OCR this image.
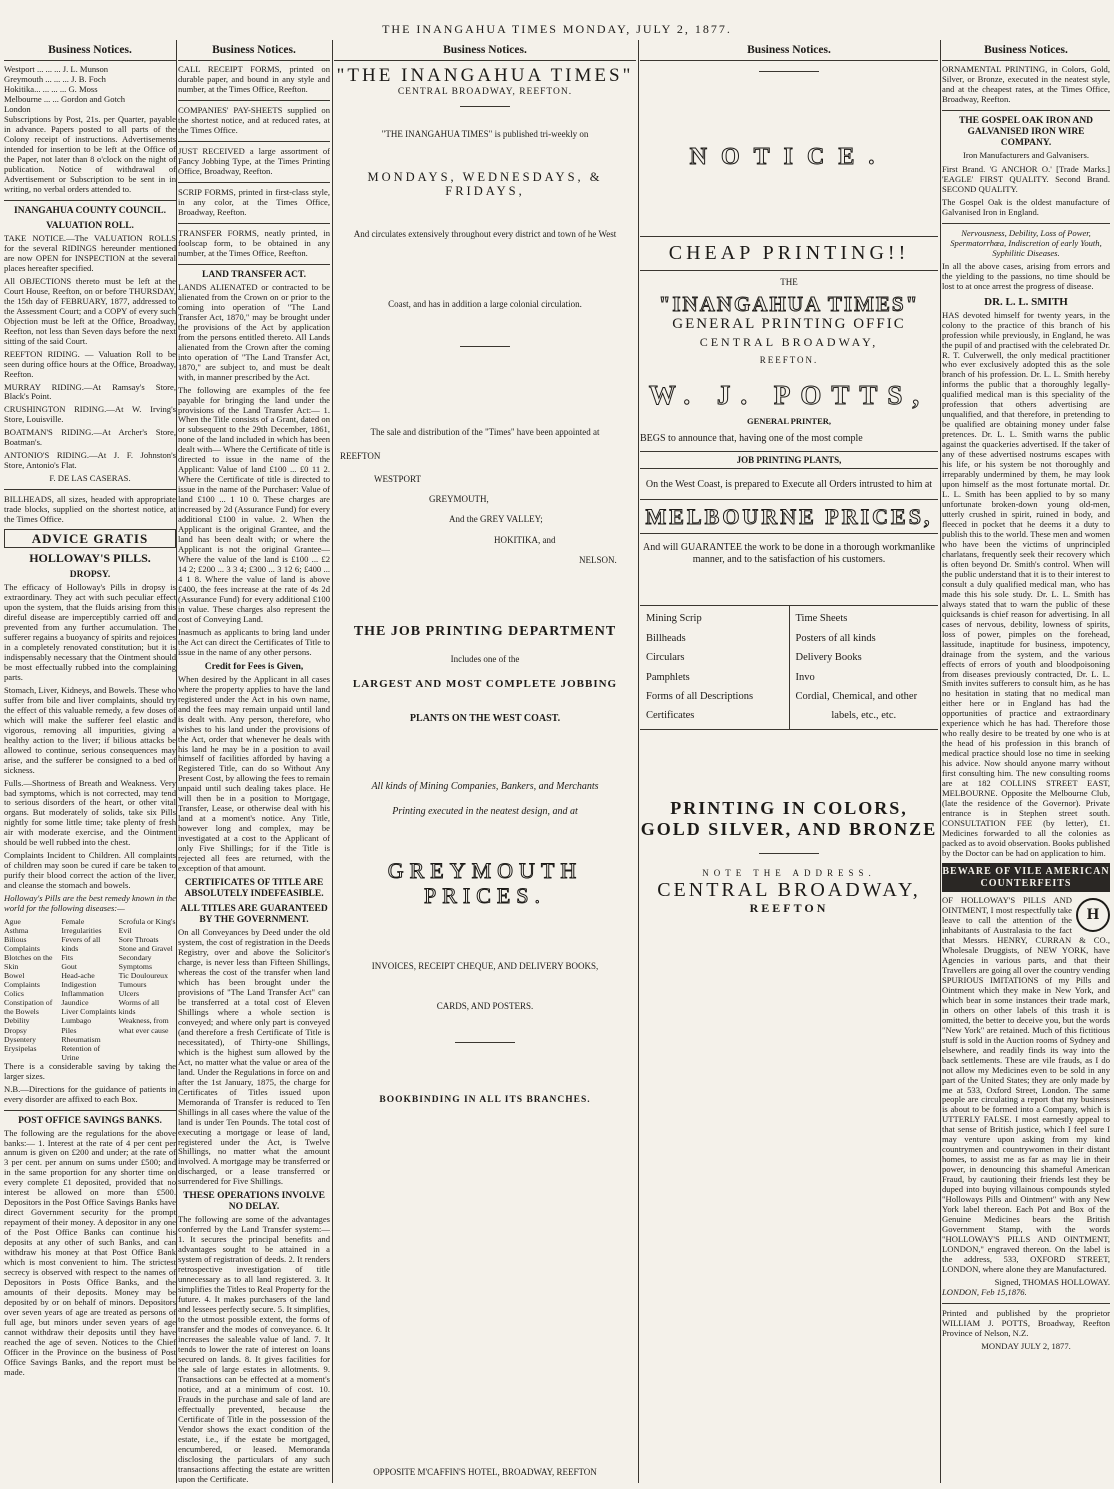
THE INANGAHUA TIMES MONDAY, JULY 2, 1877.
Business Notices.
Westport ... ... ... J. L. Munson
Greymouth ... ... ... J. B. Foch
Hokitika... ... ... ... G. Moss
Melbourne ... ... Gordon and Gotch
London

Subscriptions by Post, 21s. per Quarter, payable in advance. Papers posted to all parts of the Colony receipt of instructions. Advertisements intended for insertion to be left at the Office of the Paper, not later than 8 o'clock on the night of publication. Notice of withdrawal of Advertisement or Subscription to be sent in in writing, no verbal orders attended to.

INANGAHUA COUNTY COUNCIL.
VALUATION ROLL.

TAKE NOTICE.—The VALUATION ROLLS for the several RIDINGS hereunder mentioned are now OPEN for INSPECTION at the several places hereafter specified.

All OBJECTIONS thereto must be left at the Court House, Reefton, on or before THURSDAY, the 15th day of FEBRUARY, 1877, addressed to the Assessment Court; and a COPY of every such Objection must be left at the Office, Broadway, Reefton, not less than Seven days before the next sitting of the said Court.

REEFTON RIDING. — Valuation Roll to be seen during office hours at the Office, Broadway, Reefton.

MURRAY RIDING.—At Ramsay's Store, Black's Point.

CRUSHINGTON RIDING.—At W. Irving's Store, Louisville.

BOATMAN'S RIDING.—At Archer's Store, Boatman's.

ANTONIO'S RIDING.—At J. F. Johnston's Store, Antonio's Flat.

F. DE LAS CASERAS.

BILLHEADS, all sizes, headed with appropriate trade blocks, supplied on the shortest notice, at the Times Office.

ADVICE GRATIS
HOLLOWAY'S PILLS.
DROPSY.

The efficacy of Holloway's Pills in dropsy is extraordinary. They act with such peculiar effect upon the system, that the fluids arising from this direful disease are imperceptibly carried off and prevented from any further accumulation. The sufferer regains a buoyancy of spirits and rejoices in a completely renovated constitution; but it is indispensably necessary that the Ointment should be most effectually rubbed into the complaining parts.

Stomach, Liver, Kidneys, and Bowels. These who suffer from bile and liver complaints, should try the effect of this valuable remedy, a few doses of which will make the sufferer feel elastic and vigorous, removing all impurities, giving a healthy action to the liver; if bilious attacks be allowed to continue, serious consequences may arise, and the sufferer be consigned to a bed of sickness.

Fulls.—Shortness of Breath and Weakness. Very bad symptoms, which is not corrected, may tend to serious disorders of the heart, or other vital organs. But moderately of solids, take six Pills nightly for some little time; take plenty of fresh air with moderate exercise, and the Ointment should be well rubbed into the chest.

Complaints Incident to Children. All complaints of children may soon be cured if care be taken to purify their blood correct the action of the liver, and cleanse the stomach and bowels.

Holloway's Pills are the best remedy known in the world for the following diseases:—

Ague
Asthma
Bilious Complaints
Blotches on the Skin
Bowel Complaints
Colics
Constipation of the Bowels
Debility
Dropsy
Dysentery
Erysipelas
Female Irregularities
Fevers of all kinds
Fits
Gout
Head-ache
Indigestion
Inflammation
Jaundice
Liver Complaints
Lumbago
Piles
Rheumatism
Retention of Urine
Scrofula or King's Evil
Sore Throats
Stone and Gravel
Secondary Symptoms
Tic Douloureux
Tumours
Ulcers
Worms of all kinds
Weakness, from what ever cause

There is a considerable saving by taking the larger sizes.

N.B.—Directions for the guidance of patients in every disorder are affixed to each Box.

POST OFFICE SAVINGS BANKS.

The following are the regulations for the above banks:— 1. Interest at the rate of 4 per cent per annum is given on £200 and under; at the rate of 3 per cent. per annum on sums under £500; and in the same proportion for any shorter time on every complete £1 deposited, provided that no interest be allowed on more than £500. Depositors in the Post Office Savings Banks have direct Government security for the prompt repayment of their money. A depositor in any one of the Post Office Banks can continue his deposits at any other of such Banks, and can withdraw his money at that Post Office Bank which is most convenient to him. The strictest secrecy is observed with respect to the names of Depositors in Posts Office Banks, and the amounts of their deposits. Money may be deposited by or on behalf of minors. Depositors over seven years of age are treated as persons of full age, but minors under seven years of age cannot withdraw their deposits until they have reached the age of seven. Notices to the Chief Officer in the Province on the business of Post Office Savings Banks, and the report must be made.

Business Notices.

CALL RECEIPT FORMS, printed on durable paper, and bound in any style and number, at the Times Office, Reefton.

COMPANIES' PAY-SHEETS supplied on the shortest notice, and at reduced rates, at the Times Office.

JUST RECEIVED a large assortment of Fancy Jobbing Type, at the Times Printing Office, Broadway, Reefton.

SCRIP FORMS, printed in first-class style, in any color, at the Times Office, Broadway, Reefton.

TRANSFER FORMS, neatly printed, in foolscap form, to be obtained in any number, at the Times Office, Reefton.

LAND TRANSFER ACT.

LANDS ALIENATED or contracted to be alienated from the Crown on or prior to the coming into operation of "The Land Transfer Act, 1870," may be brought under the provisions of the Act by application from the persons entitled thereto. All Lands alienated from the Crown after the coming into operation of "The Land Transfer Act, 1870," are subject to, and must be dealt with, in manner prescribed by the Act.

The following are examples of the fee payable for bringing the land under the provisions of the Land Transfer Act:— 1. When the Title consists of a Grant, dated on or subsequent to the 29th December, 1861, none of the land included in which has been dealt with— Where the Certificate of title is directed to issue in the name of the Applicant: Value of land £100 ... £0 11 2. Where the Certificate of title is directed to issue in the name of the Purchaser: Value of land £100 ... 1 10 0. These charges are increased by 2d (Assurance Fund) for every additional £100 in value. 2. When the Applicant is the original Grantee, and the land has been dealt with; or where the Applicant is not the original Grantee— Where the value of the land is £100 ... £2 14 2; £200 ... 3 3 4; £300 ... 3 12 6; £400 ... 4 1 8. Where the value of land is above £400, the fees increase at the rate of 4s 2d (Assurance Fund) for every additional £100 in value. These charges also represent the cost of Conveying Land.

Inasmuch as applicants to bring land under the Act can direct the Certificates of Title to issue in the name of any other persons.

Credit for Fees is Given,

When desired by the Applicant in all cases where the property applies to have the land registered under the Act in his own name, and the fees may remain unpaid until land is dealt with. Any person, therefore, who wishes to his land under the provisions of the Act, order that whenever he deals with his land he may be in a position to avail himself of facilities afforded by having a Registered Title, can do so Without Any Present Cost, by allowing the fees to remain unpaid until such dealing takes place. He will then be in a position to Mortgage, Transfer, Lease, or otherwise deal with his land at a moment's notice. Any Title, however long and complex, may be investigated at a cost to the Applicant of only Five Shillings; for if the Title is rejected all fees are returned, with the exception of that amount.

CERTIFICATES OF TITLE ARE ABSOLUTELY INDEFEASIBLE.
ALL TITLES ARE GUARANTEED BY THE GOVERNMENT.

On all Conveyances by Deed under the old system, the cost of registration in the Deeds Registry, over and above the Solicitor's charge, is never less than Fifteen Shillings, whereas the cost of the transfer when land which has been brought under the provisions of "The Land Transfer Act" can be transferred at a total cost of Eleven Shillings where a whole section is conveyed; and where only part is conveyed (and therefore a fresh Certificate of Title is necessitated), of Thirty-one Shillings, which is the highest sum allowed by the Act, no matter what the value or area of the land. Under the Regulations in force on and after the 1st January, 1875, the charge for Certificates of Titles issued upon Memoranda of Transfer is reduced to Ten Shillings in all cases where the value of the land is under Ten Pounds. The total cost of executing a mortgage or lease of land, registered under the Act, is Twelve Shillings, no matter what the amount involved. A mortgage may be transferred or discharged, or a lease transferred or surrendered for Five Shillings.

THESE OPERATIONS INVOLVE NO DELAY.

The following are some of the advantages conferred by the Land Transfer system:— 1. It secures the principal benefits and advantages sought to be attained in a system of registration of deeds. 2. It renders retrospective investigation of title unnecessary as to all land registered. 3. It simplifies the Titles to Real Property for the future. 4. It makes purchasers of the land and lessees perfectly secure. 5. It simplifies, to the utmost possible extent, the forms of transfer and the modes of conveyance. 6. It increases the saleable value of land. 7. It tends to lower the rate of interest on loans secured on lands. 8. It gives facilities for the sale of large estates in allotments. 9. Transactions can be effected at a moment's notice, and at a minimum of cost. 10. Frauds in the purchase and sale of land are effectually prevented, because the Certificate of Title in the possession of the Vendor shows the exact condition of the estate, i.e., if the estate be mortgaged, encumbered, or leased. Memoranda disclosing the particulars of any such transactions affecting the estate are written upon the Certificate.

Business Notices.
"THE INANGAHUA TIMES"
CENTRAL BROADWAY, REEFTON.
"THE INANGAHUA TIMES" is published tri-weekly on
MONDAYS, WEDNESDAYS, & FRIDAYS,
And circulates extensively throughout every district and town of he West
Coast, and has in addition a large colonial circulation.
The sale and distribution of the "Times" have been appointed at
REEFTON
WESTPORT
GREYMOUTH,
And the GREY VALLEY;
HOKITIKA, and
NELSON.
THE JOB PRINTING DEPARTMENT
Includes one of the
LARGEST AND MOST COMPLETE JOBBING
PLANTS ON THE WEST COAST.
All kinds of Mining Companies, Bankers, and Merchants
Printing executed in the neatest design, and at
GREYMOUTH PRICES.
INVOICES, RECEIPT CHEQUE, AND DELIVERY BOOKS,
CARDS, AND POSTERS.
BOOKBINDING IN ALL ITS BRANCHES.
OPPOSITE M'CAFFIN'S HOTEL, BROADWAY, REEFTON
Business Notices.
NOTICE.
CHEAP PRINTING!!
THE
"INANGAHUA TIMES"
GENERAL PRINTING OFFIC
CENTRAL BROADWAY,
REEFTON.
W. J. POTTS,
GENERAL PRINTER,
BEGS to announce that, having one of the most comple
JOB PRINTING PLANTS,
On the West Coast, is prepared to Execute all Orders intrusted to him at
MELBOURNE PRICES,
And will GUARANTEE the work to be done in a thorough workmanlike manner, and to the satisfaction of his customers.
Mining Scrip
Billheads
Circulars
Pamphlets
Forms of all Descriptions
Certificates
Time Sheets
Posters of all kinds
Delivery Books
Invo
Cordial, Chemical, and other
labels, etc., etc.
PRINTING IN COLORS, GOLD SILVER, AND BRONZE
NOTE THE ADDRESS.
CENTRAL BROADWAY,
REEFTON
Business Notices.

ORNAMENTAL PRINTING, in Colors, Gold, Silver, or Bronze, executed in the neatest style, and at the cheapest rates, at the Times Office, Broadway, Reefton.

THE GOSPEL OAK IRON AND GALVANISED IRON WIRE COMPANY.
Iron Manufacturers and Galvanisers.

First Brand. 'G ANCHOR O.' [Trade Marks.] 'EAGLE' FIRST QUALITY. Second Brand. SECOND QUALITY.

The Gospel Oak is the oldest manufacture of Galvanised Iron in England.

Nervousness, Debility, Loss of Power, Spermatorrhœa, Indiscretion of early Youth, Syphilitic Diseases.

In all the above cases, arising from errors and the yielding to the passions, no time should be lost to at once arrest the progress of disease.

DR. L. L. SMITH

HAS devoted himself for twenty years, in the colony to the practice of this branch of his profession while previously, in England, he was the pupil of and practised with the celebrated Dr. R. T. Culverwell, the only medical practitioner who ever exclusively adopted this as the sole branch of his profession. Dr. L. L. Smith hereby informs the public that a thoroughly legally-qualified medical man is this speciality of the profession that others advertising are unqualified, and that therefore, in pretending to be qualified are obtaining money under false pretences. Dr. L. L. Smith warns the public against the quackeries advertised. If the taker of any of these advertised nostrums escapes with his life, or his system be not thoroughly and irreparably undermined by them, he may look upon himself as the most fortunate mortal. Dr. L. L. Smith has been applied to by so many unfortunate broken-down young old-men, utterly crushed in spirit, ruined in body, and fleeced in pocket that he deems it a duty to publish this to the world. These men and women who have been the victims of unprincipled charlatans, frequently seek their recovery which is often beyond Dr. Smith's control. When will the public understand that it is to their interest to consult a duly qualified medical man, who has made this his sole study. Dr. L. L. Smith has always stated that to warn the public of these quicksands is chief reason for advertising. In all cases of nervous, debility, lowness of spirits, loss of power, pimples on the forehead, lassitude, inaptitude for business, impotency, drainage from the system, and the various effects of errors of youth and bloodpoisoning from diseases previously contracted, Dr. L. L. Smith invites sufferers to consult him, as he has no hesitation in stating that no medical man either here or in England has had the opportunities of practice and extraordinary experience which he has had. Therefore those who really desire to be treated by one who is at the head of his profession in this branch of medical practice should lose no time in seeking his advice. Now should anyone marry without first consulting him. The new consulting rooms are at 182 COLLINS STREET EAST, MELBOURNE. Opposite the Melbourne Club, (late the residence of the Governor). Private entrance is in Stephen street south. CONSULTATION FEE (by letter), £1. Medicines forwarded to all the colonies as packed as to avoid observation. Books published by the Doctor can be had on application to him.

BEWARE OF VILE AMERICAN COUNTERFEITS
H

OF HOLLOWAY'S PILLS AND OINTMENT, I most respectfully take leave to call the attention of the inhabitants of Australasia to the fact that Messrs. HENRY, CURRAN & CO., Wholesale Druggists, of NEW YORK, have Agencies in various parts, and that their Travellers are going all over the country vending SPURIOUS IMITATIONS of my Pills and Ointment which they make in New York, and which bear in some instances their trade mark, in others on other labels of this trash it is omitted, the better to deceive you, but the words "New York" are retained. Much of this fictitious stuff is sold in the Auction rooms of Sydney and elsewhere, and readily finds its way into the back settlements. These are vile frauds, as I do not allow my Medicines even to be sold in any part of the United States; they are only made by me at 533, Oxford Street, London. The same people are circulating a report that my business is about to be formed into a Company, which is UTTERLY FALSE. I most earnestly appeal to that sense of British justice, which I feel sure I may venture upon asking from my kind countrymen and countrywomen in their distant homes, to assist me as far as may lie in their power, in denouncing this shameful American Fraud, by cautioning their friends lest they be duped into buying villainous compounds styled "Holloways Pills and Ointment" with any New York label thereon. Each Pot and Box of the Genuine Medicines bears the British Government Stamp, with the words "HOLLOWAY'S PILLS AND OINTMENT, LONDON," engraved thereon. On the label is the address, 533, OXFORD STREET, LONDON, where alone they are Manufactured.

Signed, THOMAS HOLLOWAY.
LONDON, Feb 15,1876.

Printed and published by the proprietor WILLIAM J. POTTS, Broadway, Reefton Province of Nelson, N.Z.

MONDAY JULY 2, 1877.
